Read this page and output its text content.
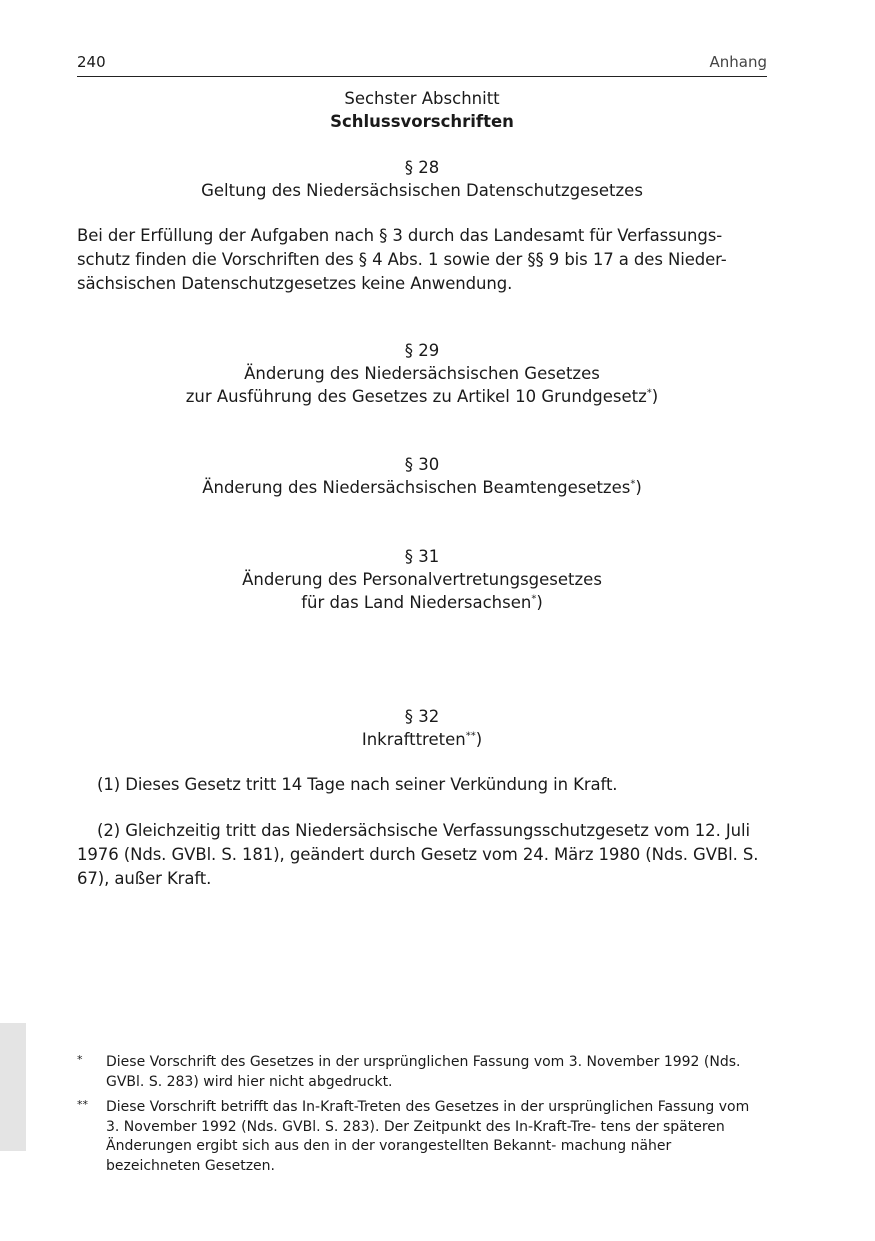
240	Anhang

Sechster Abschnitt

Schlussvorschriften

§ 28

Geltung des Niedersächsischen Datenschutzgesetzes

Bei der Erfüllung der Aufgaben nach § 3 durch das Landesamt für Verfassungs- schutz finden die Vorschriften des § 4 Abs. 1 sowie der §§ 9 bis 17 a des Nieder- sächsischen Datenschutzgesetzes keine Anwendung.

§ 29

Änderung des Niedersächsischen Gesetzes

zur Ausführung des Gesetzes zu Artikel 10 Grundgesetz*)

§ 30

Änderung des Niedersächsischen Beamtengesetzes*)

§ 31

Änderung des Personalvertretungsgesetzes

für das Land Niedersachsen*)

§ 32

Inkrafttreten**)

(1) Dieses Gesetz tritt 14 Tage nach seiner Verkündung in Kraft.

(2) Gleichzeitig tritt das Niedersächsische Verfassungsschutzgesetz vom 12. Juli 1976 (Nds. GVBl. S. 181), geändert durch Gesetz vom 24. März 1980 (Nds. GVBl. S. 67), außer Kraft.

* Diese Vorschrift des Gesetzes in der ursprünglichen Fassung vom 3. November 1992 (Nds. GVBl. S. 283) wird hier nicht abgedruckt.

** Diese Vorschrift betrifft das In-Kraft-Treten des Gesetzes in der ursprünglichen Fassung vom 3. November 1992 (Nds. GVBl. S. 283). Der Zeitpunkt des In-Kraft-Tre- tens der späteren Änderungen ergibt sich aus den in der vorangestellten Bekannt- machung näher bezeichneten Gesetzen.
